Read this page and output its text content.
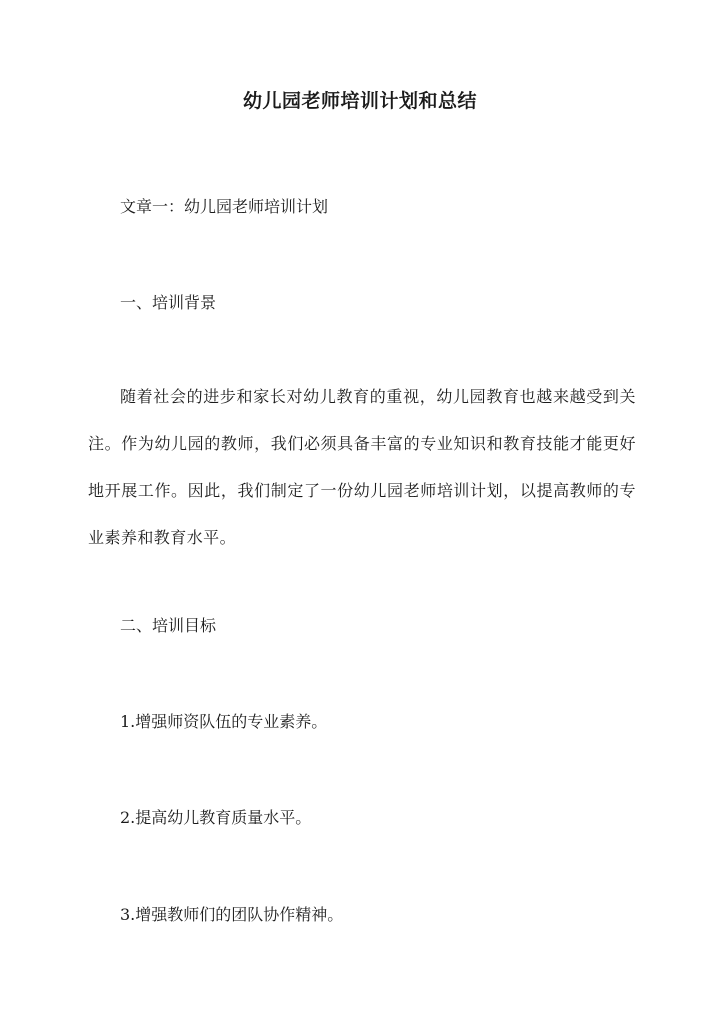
幼儿园老师培训计划和总结
文章一：幼儿园老师培训计划
一、培训背景
随着社会的进步和家长对幼儿教育的重视，幼儿园教育也越来越受到关注。作为幼儿园的教师，我们必须具备丰富的专业知识和教育技能才能更好地开展工作。因此，我们制定了一份幼儿园老师培训计划，以提高教师的专业素养和教育水平。
二、培训目标
1.增强师资队伍的专业素养。
2.提高幼儿教育质量水平。
3.增强教师们的团队协作精神。
